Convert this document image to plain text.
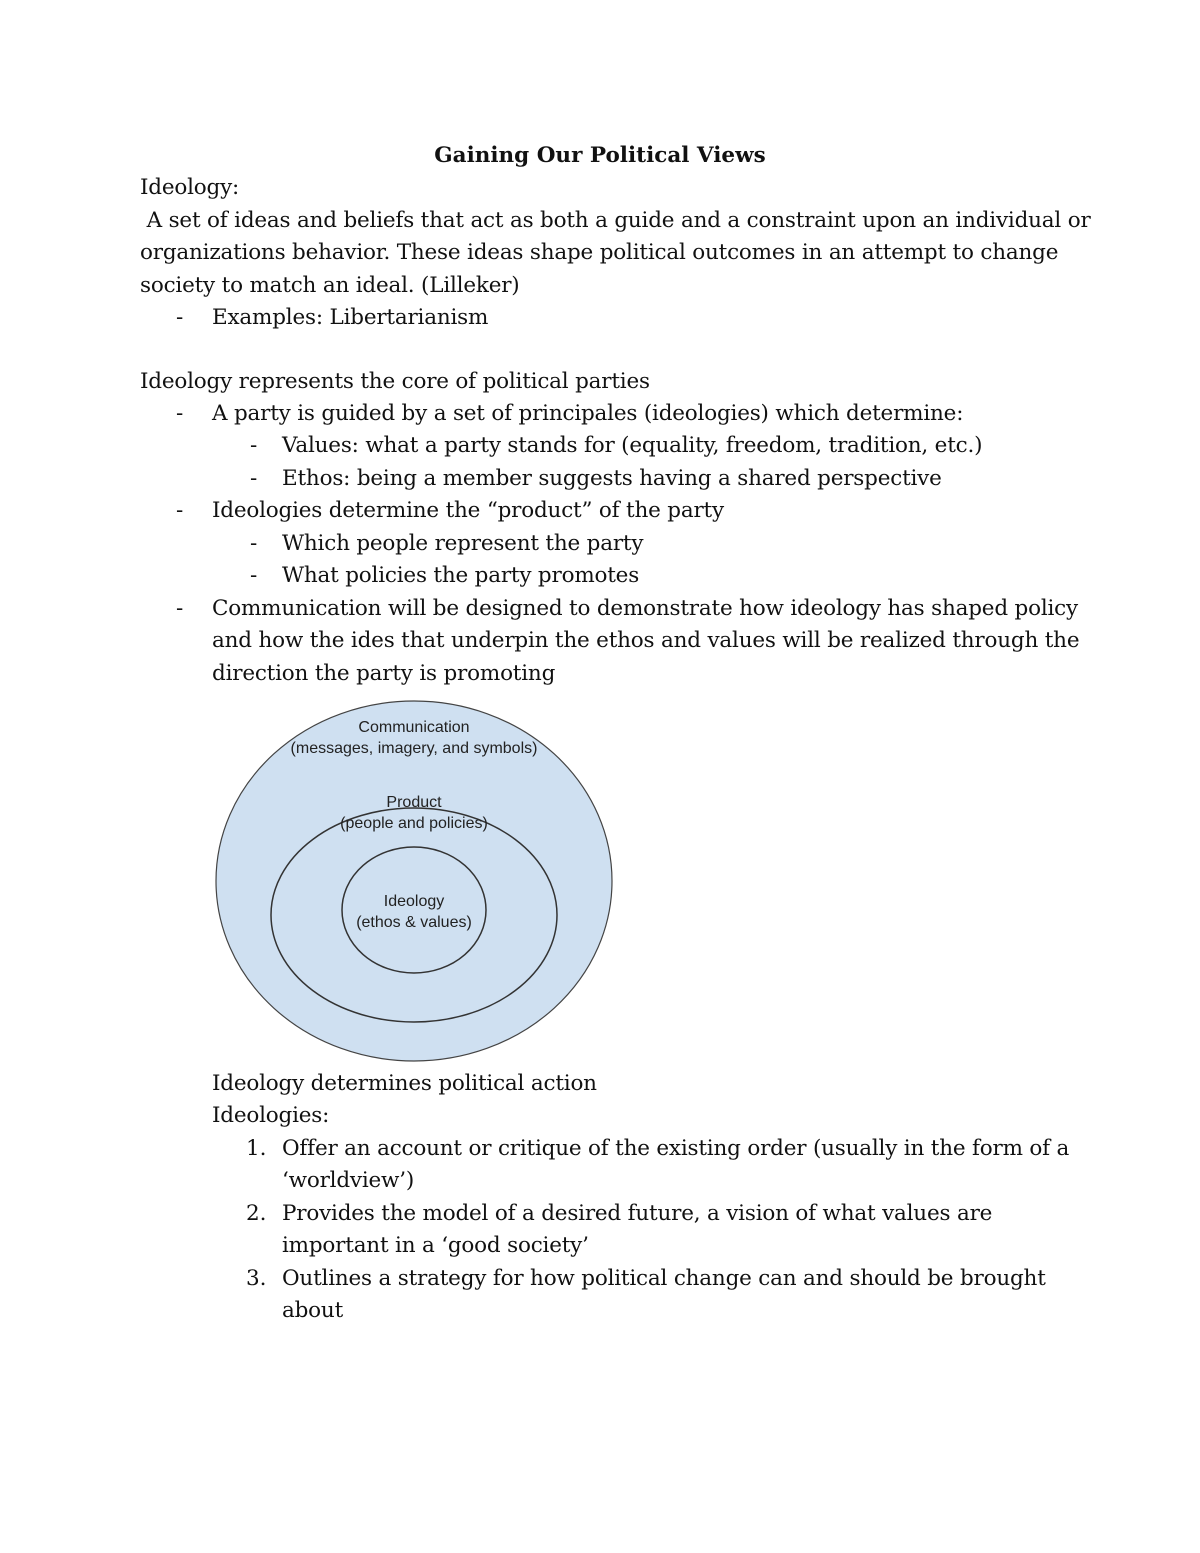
Gaining Our Political Views
Ideology:
A set of ideas and beliefs that act as both a guide and a constraint upon an individual or
organizations behavior. These ideas shape political outcomes in an attempt to change
society to match an ideal. (Lilleker)
- Examples: Libertarianism
Ideology represents the core of political parties
- A party is guided by a set of principales (ideologies) which determine:
- Values: what a party stands for (equality, freedom, tradition, etc.)
- Ethos: being a member suggests having a shared perspective
- Ideologies determine the “product” of the party
- Which people represent the party
- What policies the party promotes
- Communication will be designed to demonstrate how ideology has shaped policy
and how the ides that underpin the ethos and values will be realized through the
direction the party is promoting
Communication
(messages, imagery, and symbols)
Product
(people and policies)
Ideology
(ethos & values)
Ideology determines political action
Ideologies:
1. Offer an account or critique of the existing order (usually in the form of a
‘worldview’)
2. Provides the model of a desired future, a vision of what values are
important in a ‘good society’
3. Outlines a strategy for how political change can and should be brought
about
